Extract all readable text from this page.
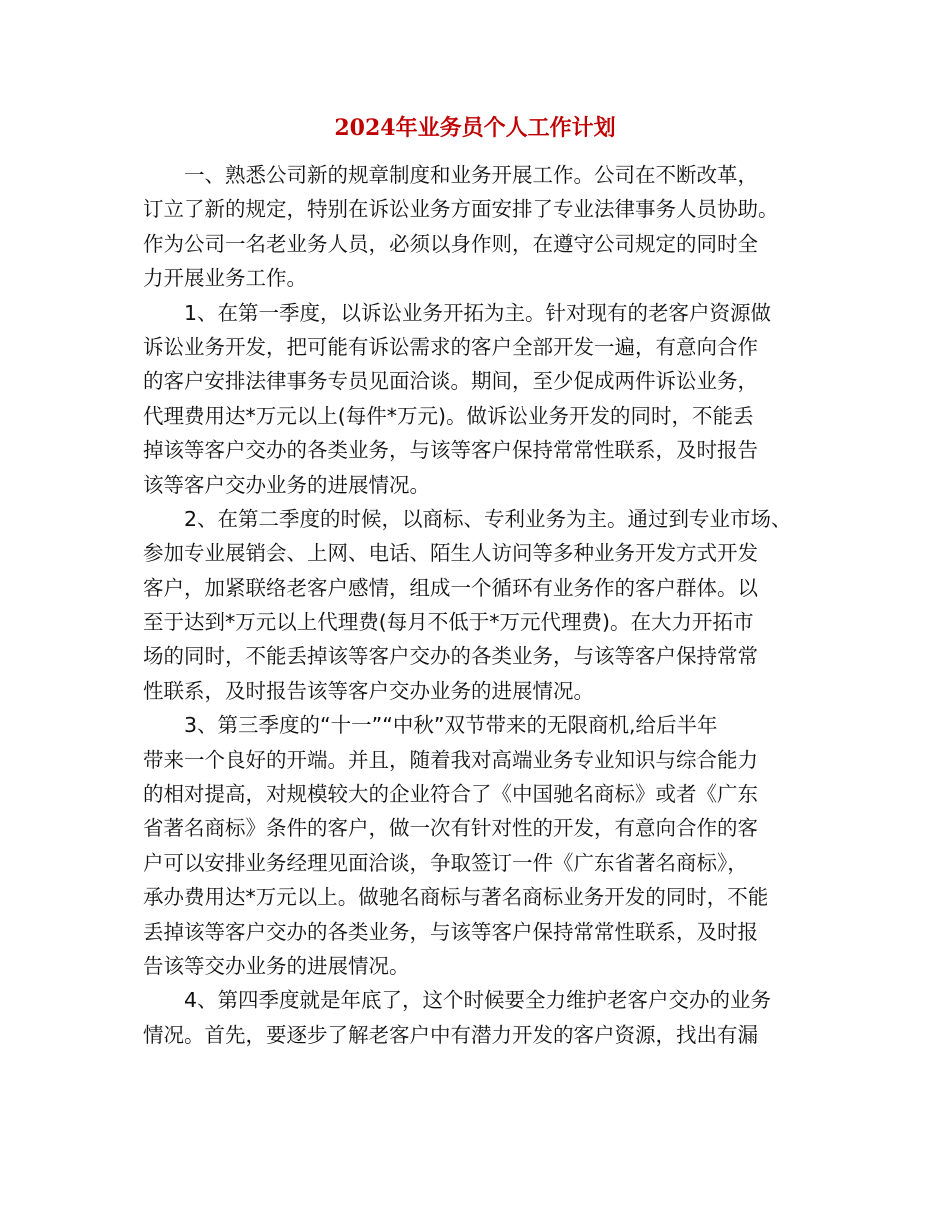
2024年业务员个人工作计划
一、熟悉公司新的规章制度和业务开展工作。公司在不断改革，
订立了新的规定，特别在诉讼业务方面安排了专业法律事务人员协助。
作为公司一名老业务人员，必须以身作则，在遵守公司规定的同时全
力开展业务工作。
1、在第一季度，以诉讼业务开拓为主。针对现有的老客户资源做
诉讼业务开发，把可能有诉讼需求的客户全部开发一遍，有意向合作
的客户安排法律事务专员见面洽谈。期间，至少促成两件诉讼业务，
代理费用达*万元以上(每件*万元)。做诉讼业务开发的同时，不能丢
掉该等客户交办的各类业务，与该等客户保持常常性联系，及时报告
该等客户交办业务的进展情况。
2、在第二季度的时候，以商标、专利业务为主。通过到专业市场、
参加专业展销会、上网、电话、陌生人访问等多种业务开发方式开发
客户，加紧联络老客户感情，组成一个循环有业务作的客户群体。以
至于达到*万元以上代理费(每月不低于*万元代理费)。在大力开拓市
场的同时，不能丢掉该等客户交办的各类业务，与该等客户保持常常
性联系，及时报告该等客户交办业务的进展情况。
3、第三季度的“十一”“中秋”双节带来的无限商机,给后半年
带来一个良好的开端。并且，随着我对高端业务专业知识与综合能力
的相对提高，对规模较大的企业符合了《中国驰名商标》或者《广东
省著名商标》条件的客户，做一次有针对性的开发，有意向合作的客
户可以安排业务经理见面洽谈，争取签订一件《广东省著名商标》，
承办费用达*万元以上。做驰名商标与著名商标业务开发的同时，不能
丢掉该等客户交办的各类业务，与该等客户保持常常性联系，及时报
告该等交办业务的进展情况。
4、第四季度就是年底了，这个时候要全力维护老客户交办的业务
情况。首先，要逐步了解老客户中有潜力开发的客户资源，找出有漏
